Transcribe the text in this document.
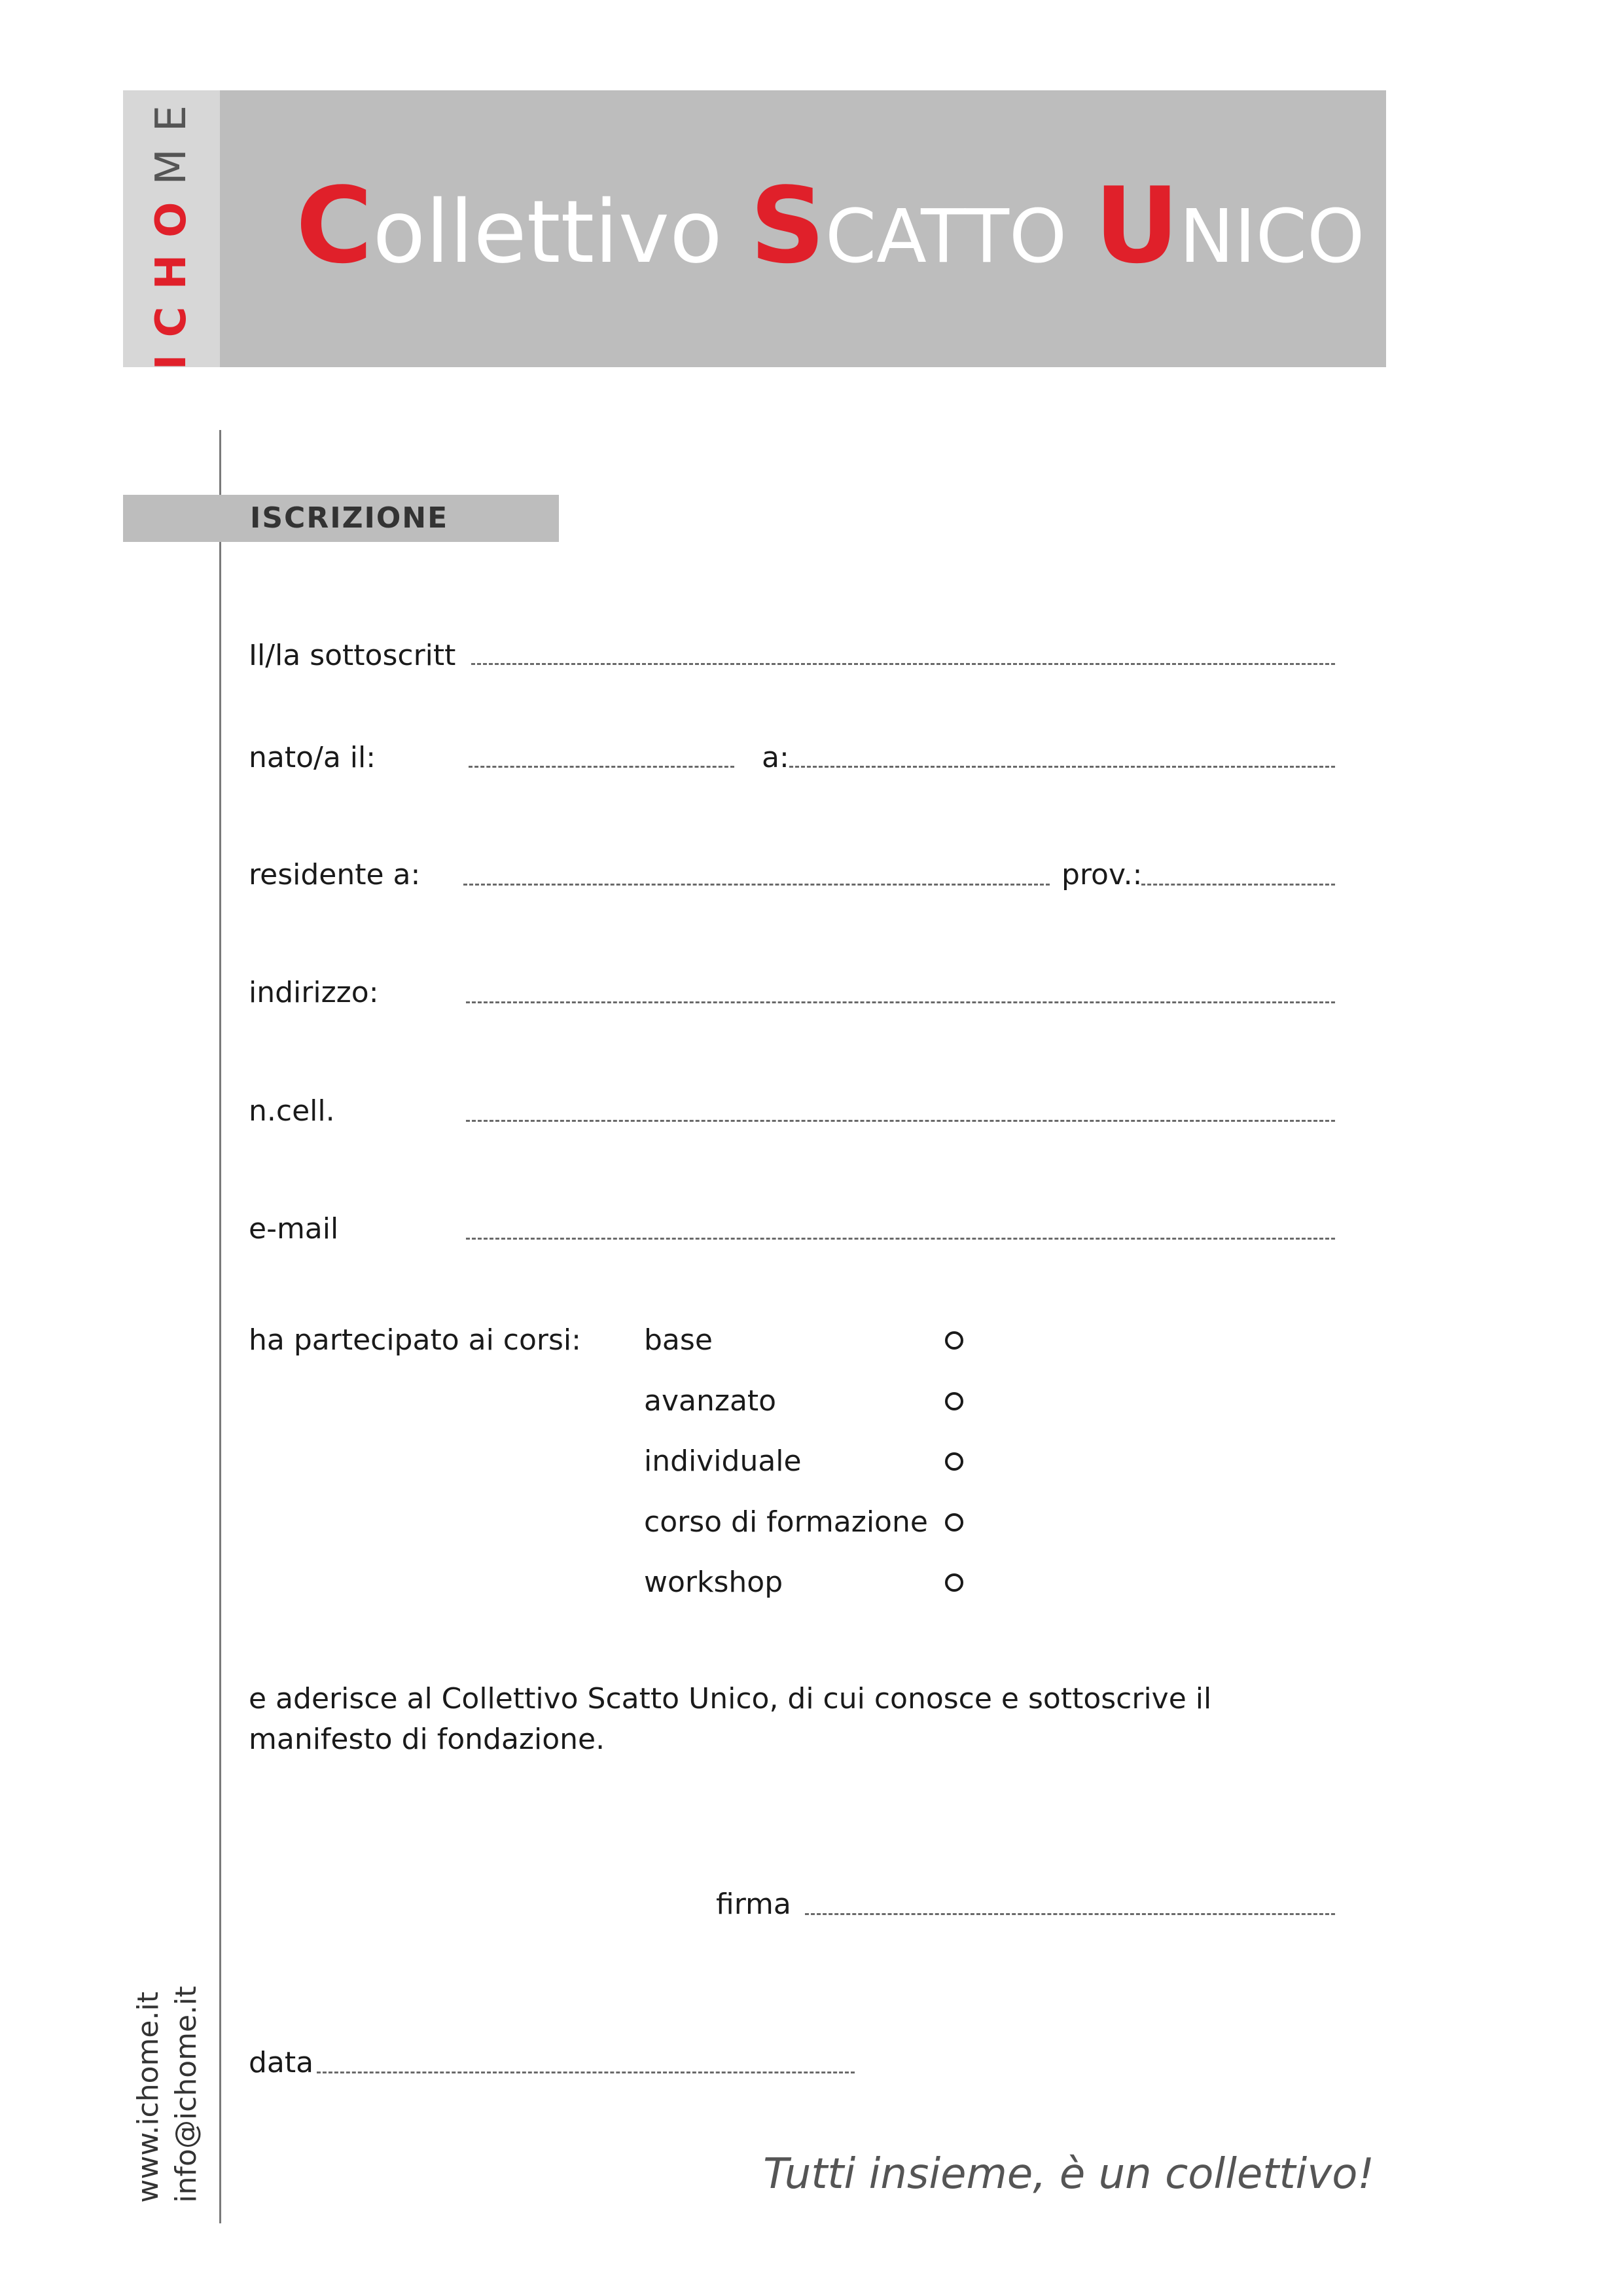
ICHOME
Collettivo SCATTO UNICO
ISCRIZIONE
Il/la sottoscritt
nato/a il:	a:
residente a:	prov.:
indirizzo:
n.cell.
e-mail
ha partecipato ai corsi: base
avanzato
individuale
corso di formazione
workshop
e aderisce al Collettivo Scatto Unico, di cui conosce e sottoscrive il manifesto di fondazione.
firma
data
www.ichome.it info@ichome.it	Tutti insieme, è un collettivo!
